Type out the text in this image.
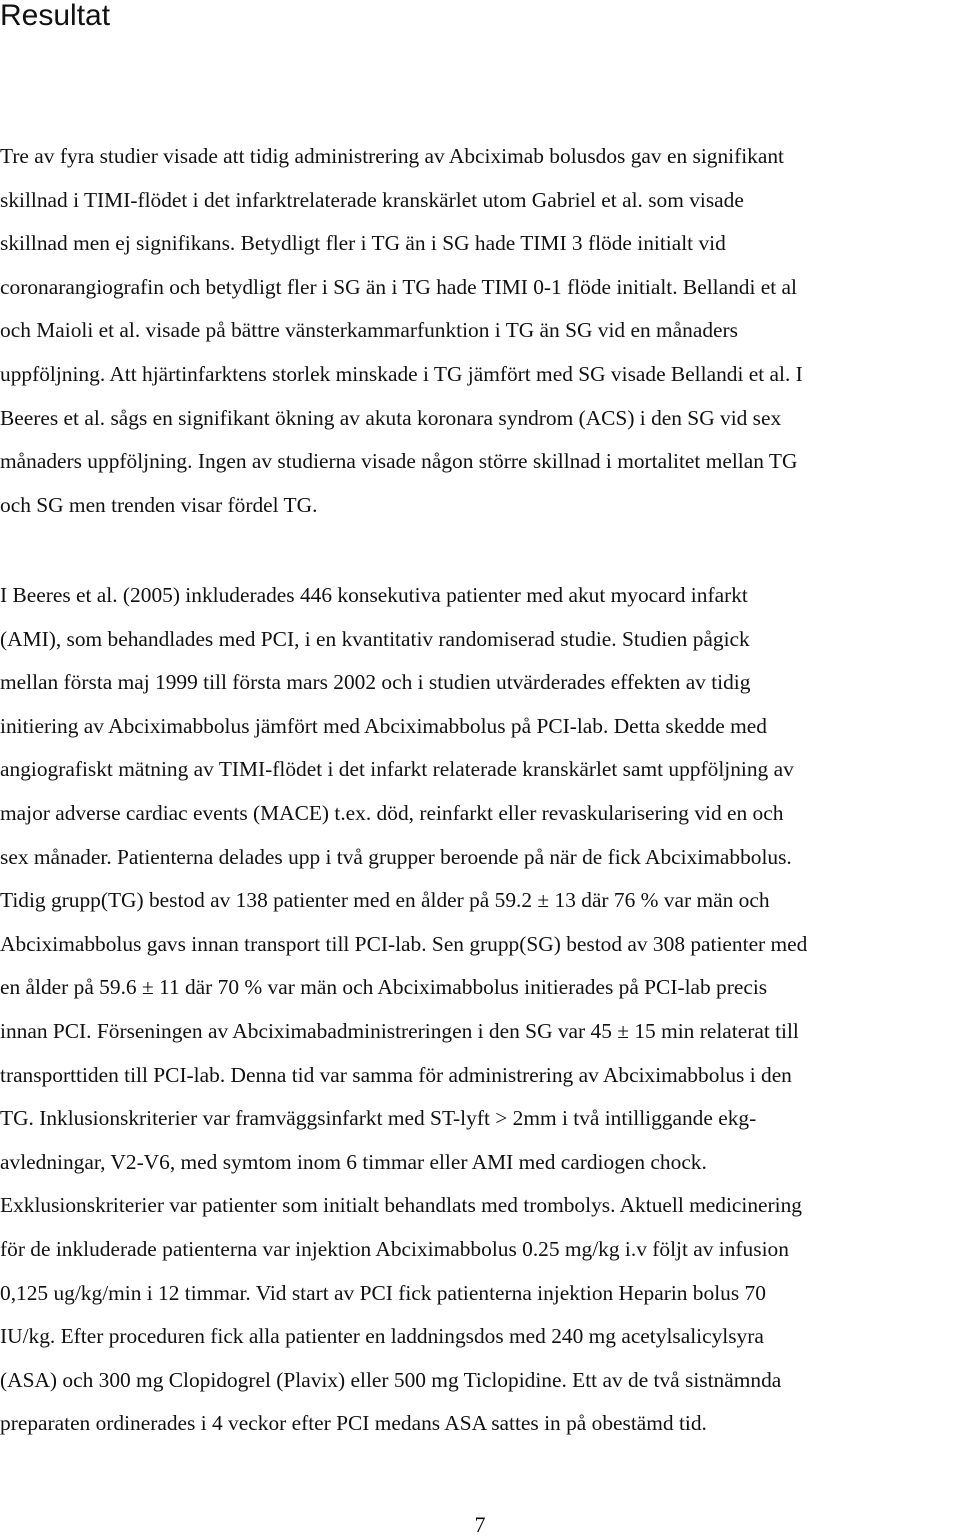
Resultat
Tre av fyra studier visade att tidig administrering av Abciximab bolusdos gav en signifikant
skillnad i TIMI-flödet i det infarktrelaterade kranskärlet utom Gabriel et al. som visade
skillnad men ej signifikans. Betydligt fler i TG än i SG hade TIMI 3 flöde initialt vid
coronarangiografin och betydligt fler i SG än i TG hade TIMI 0-1 flöde initialt. Bellandi et al
och Maioli et al. visade på bättre vänsterkammarfunktion i TG än SG vid en månaders
uppföljning. Att hjärtinfarktens storlek minskade i TG jämfört med SG visade Bellandi et al. I
Beeres et al. sågs en signifikant ökning av akuta koronara syndrom (ACS) i den SG vid sex
månaders uppföljning. Ingen av studierna visade någon större skillnad i mortalitet mellan TG
och SG men trenden visar fördel TG.
I Beeres et al. (2005) inkluderades 446 konsekutiva patienter med akut myocard infarkt
(AMI), som behandlades med PCI, i en kvantitativ randomiserad studie. Studien pågick
mellan första maj 1999 till första mars 2002 och i studien utvärderades effekten av tidig
initiering av Abciximabbolus jämfört med Abciximabbolus på PCI-lab. Detta skedde med
angiografiskt mätning av TIMI-flödet i det infarkt relaterade kranskärlet samt uppföljning av
major adverse cardiac events (MACE) t.ex. död, reinfarkt eller revaskularisering vid en och
sex månader. Patienterna delades upp i två grupper beroende på när de fick Abciximabbolus.
Tidig grupp(TG) bestod av 138 patienter med en ålder på 59.2 ± 13 där 76 % var män och
Abciximabbolus gavs innan transport till PCI-lab. Sen grupp(SG) bestod av 308 patienter med
en ålder på 59.6 ± 11 där 70 % var män och Abciximabbolus initierades på PCI-lab precis
innan PCI. Förseningen av Abciximabadministreringen i den SG var 45 ± 15 min relaterat till
transporttiden till PCI-lab. Denna tid var samma för administrering av Abciximabbolus i den
TG. Inklusionskriterier var framväggsinfarkt med ST-lyft > 2mm i två intilliggande ekg-
avledningar, V2-V6, med symtom inom 6 timmar eller AMI med cardiogen chock.
Exklusionskriterier var patienter som initialt behandlats med trombolys. Aktuell medicinering
för de inkluderade patienterna var injektion Abciximabbolus 0.25 mg/kg i.v följt av infusion
0,125 ug/kg/min i 12 timmar. Vid start av PCI fick patienterna injektion Heparin bolus 70
IU/kg. Efter proceduren fick alla patienter en laddningsdos med 240 mg acetylsalicylsyra
(ASA) och 300 mg Clopidogrel (Plavix) eller 500 mg Ticlopidine. Ett av de två sistnämnda
preparaten ordinerades i 4 veckor efter PCI medans ASA sattes in på obestämd tid.
7
